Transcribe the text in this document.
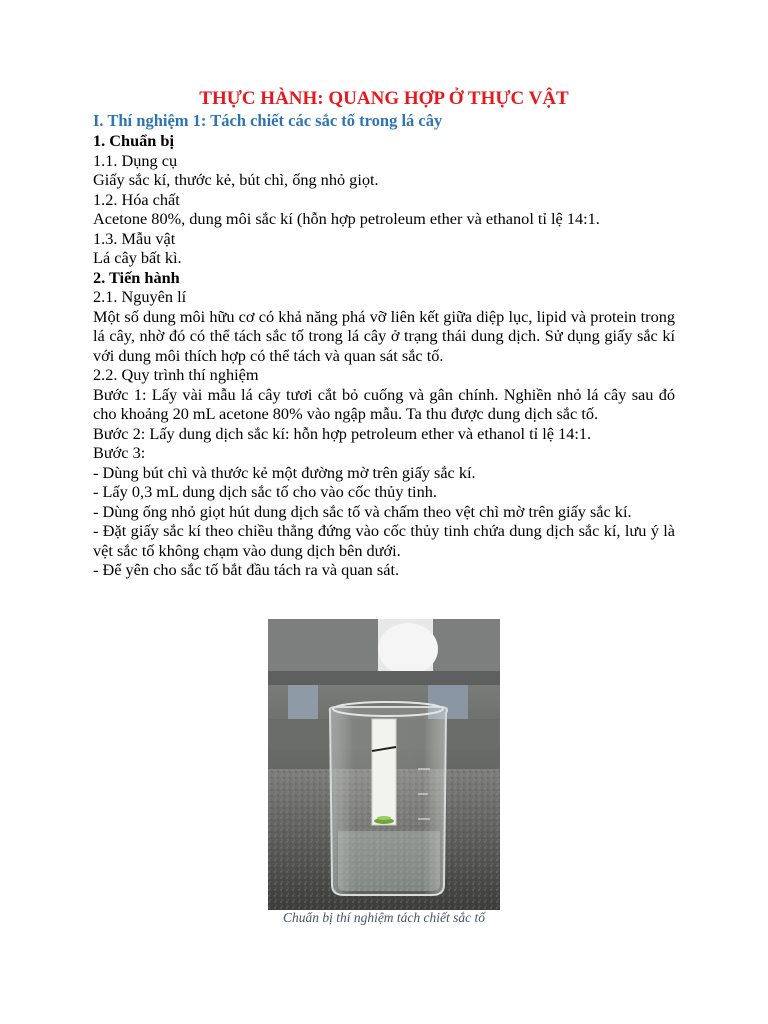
THỰC HÀNH: QUANG HỢP Ở THỰC VẬT
I. Thí nghiệm 1: Tách chiết các sắc tố trong lá cây
1. Chuẩn bị
1.1. Dụng cụ
Giấy sắc kí, thước kẻ, bút chì, ống nhỏ giọt.
1.2. Hóa chất
Acetone 80%, dung môi sắc kí (hỗn hợp petroleum ether và ethanol tỉ lệ 14:1.
1.3. Mẫu vật
Lá cây bất kì.
2. Tiến hành
2.1. Nguyên lí
Một số dung môi hữu cơ có khả năng phá vỡ liên kết giữa diệp lục, lipid và protein trong lá cây, nhờ đó có thể tách sắc tố trong lá cây ở trạng thái dung dịch. Sử dụng giấy sắc kí với dung môi thích hợp có thể tách và quan sát sắc tố.
2.2. Quy trình thí nghiệm
Bước 1: Lấy vài mẫu lá cây tươi cắt bỏ cuống và gân chính. Nghiền nhỏ lá cây sau đó cho khoảng 20 mL acetone 80% vào ngập mẫu. Ta thu được dung dịch sắc tố.
Bước 2: Lấy dung dịch sắc kí: hỗn hợp petroleum ether và ethanol tỉ lệ 14:1.
Bước 3:
- Dùng bút chì và thước kẻ một đường mờ trên giấy sắc kí.
- Lấy 0,3 mL dung dịch sắc tố cho vào cốc thủy tinh.
- Dùng ống nhỏ giọt hút dung dịch sắc tố và chấm theo vệt chì mờ trên giấy sắc kí.
- Đặt giấy sắc kí theo chiều thẳng đứng vào cốc thủy tinh chứa dung dịch sắc kí, lưu ý là vệt sắc tố không chạm vào dung dịch bên dưới.
- Để yên cho sắc tố bắt đầu tách ra và quan sát.
Chuẩn bị thí nghiệm tách chiết sắc tố
